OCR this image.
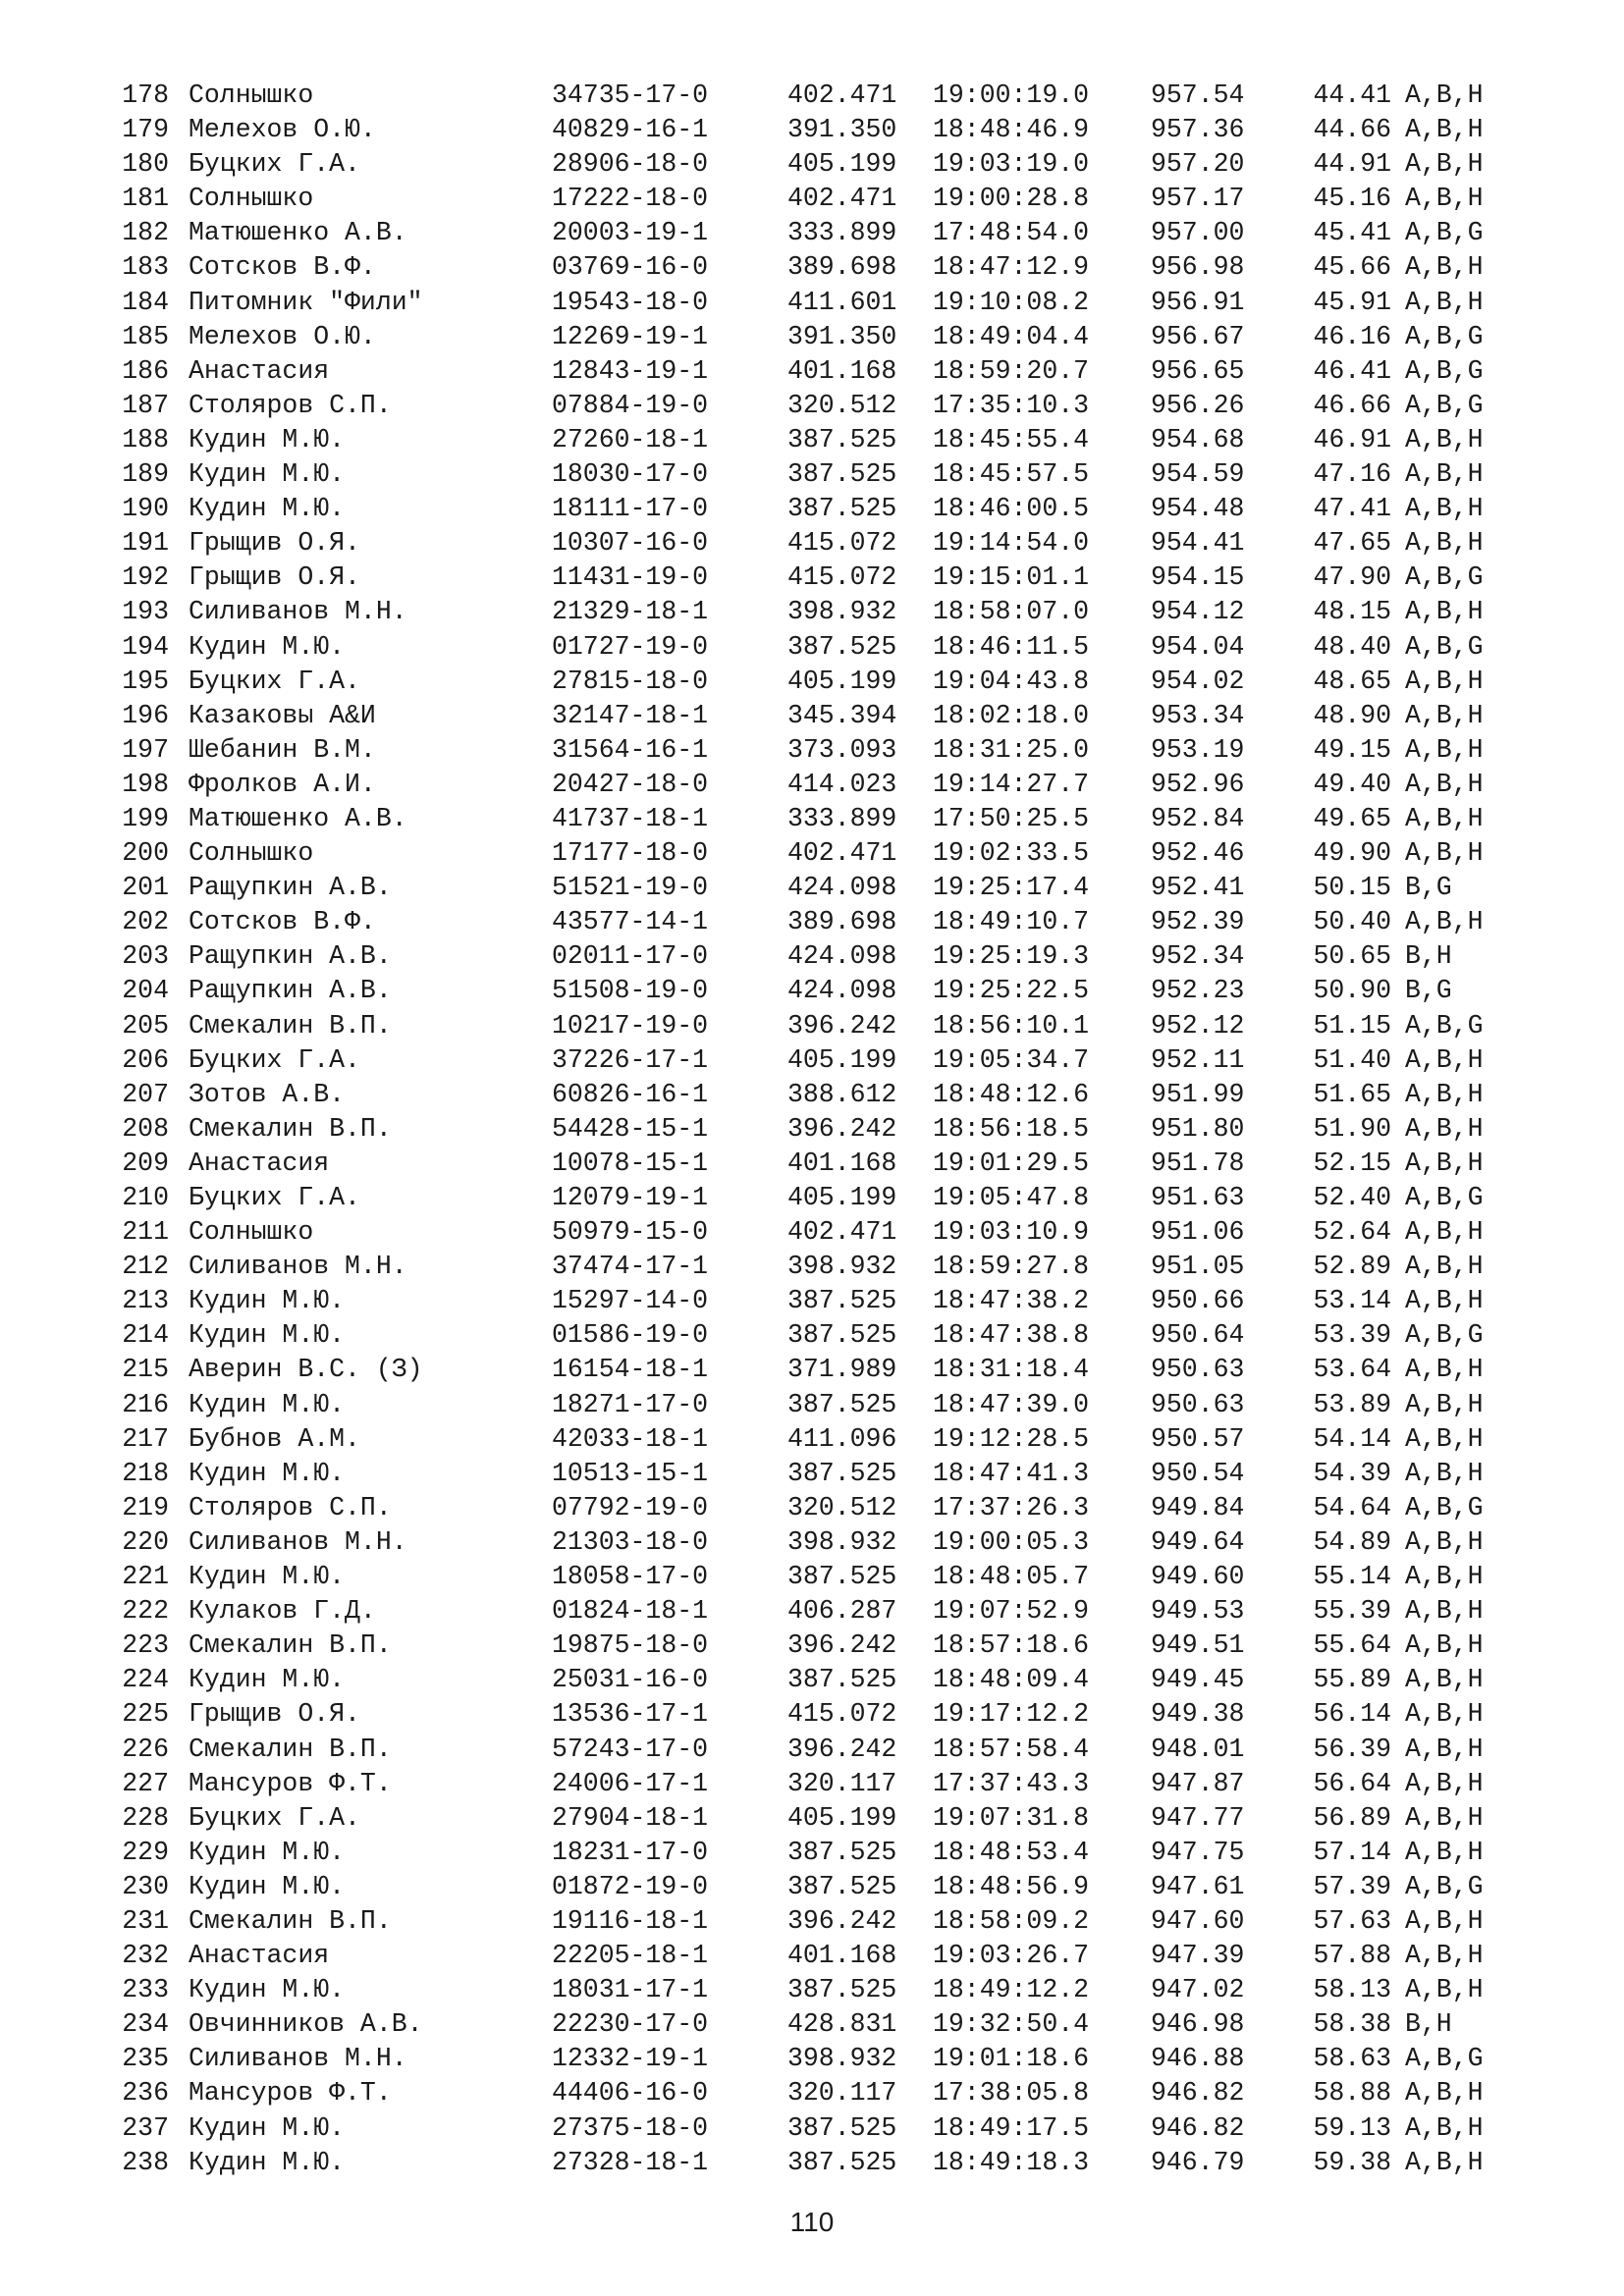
178 Солнышко	34735-17-0	402.471	19:00:19.0	957.54	44.41 A,B,H
179 Мелехов О.Ю.	40829-16-1	391.350	18:48:46.9	957.36	44.66 A,B,H
180 Буцких Г.А.	28906-18-0	405.199	19:03:19.0	957.20	44.91 A,B,H
181 Солнышко	17222-18-0	402.471	19:00:28.8	957.17	45.16 A,B,H
182 Матюшенко А.В.	20003-19-1	333.899	17:48:54.0	957.00	45.41 A,B,G
183 Сотсков В.Ф.	03769-16-0	389.698	18:47:12.9	956.98	45.66 A,B,H
184 Питомник "Фили"	19543-18-0	411.601	19:10:08.2	956.91	45.91 A,B,H
185 Мелехов О.Ю.	12269-19-1	391.350	18:49:04.4	956.67	46.16 A,B,G
186 Анастасия	12843-19-1	401.168	18:59:20.7	956.65	46.41 A,B,G
187 Столяров С.П.	07884-19-0	320.512	17:35:10.3	956.26	46.66 A,B,G
188 Кудин М.Ю.	27260-18-1	387.525	18:45:55.4	954.68	46.91 A,B,H
189 Кудин М.Ю.	18030-17-0	387.525	18:45:57.5	954.59	47.16 A,B,H
190 Кудин М.Ю.	18111-17-0	387.525	18:46:00.5	954.48	47.41 A,B,H
191 Грыщив О.Я.	10307-16-0	415.072	19:14:54.0	954.41	47.65 A,B,H
192 Грыщив О.Я.	11431-19-0	415.072	19:15:01.1	954.15	47.90 A,B,G
193 Силиванов М.Н.	21329-18-1	398.932	18:58:07.0	954.12	48.15 A,B,H
194 Кудин М.Ю.	01727-19-0	387.525	18:46:11.5	954.04	48.40 A,B,G
195 Буцких Г.А.	27815-18-0	405.199	19:04:43.8	954.02	48.65 A,B,H
196 Казаковы А&И	32147-18-1	345.394	18:02:18.0	953.34	48.90 A,B,H
197 Шебанин В.М.	31564-16-1	373.093	18:31:25.0	953.19	49.15 A,B,H
198 Фролков А.И.	20427-18-0	414.023	19:14:27.7	952.96	49.40 A,B,H
199 Матюшенко А.В.	41737-18-1	333.899	17:50:25.5	952.84	49.65 A,B,H
200 Солнышко	17177-18-0	402.471	19:02:33.5	952.46	49.90 A,B,H
201 Ращупкин А.В.	51521-19-0	424.098	19:25:17.4	952.41	50.15 B,G
202 Сотсков В.Ф.	43577-14-1	389.698	18:49:10.7	952.39	50.40 A,B,H
203 Ращупкин А.В.	02011-17-0	424.098	19:25:19.3	952.34	50.65 B,H
204 Ращупкин А.В.	51508-19-0	424.098	19:25:22.5	952.23	50.90 B,G
205 Смекалин В.П.	10217-19-0	396.242	18:56:10.1	952.12	51.15 A,B,G
206 Буцких Г.А.	37226-17-1	405.199	19:05:34.7	952.11	51.40 A,B,H
207 Зотов А.В.	60826-16-1	388.612	18:48:12.6	951.99	51.65 A,B,H
208 Смекалин В.П.	54428-15-1	396.242	18:56:18.5	951.80	51.90 A,B,H
209 Анастасия	10078-15-1	401.168	19:01:29.5	951.78	52.15 A,B,H
210 Буцких Г.А.	12079-19-1	405.199	19:05:47.8	951.63	52.40 A,B,G
211 Солнышко	50979-15-0	402.471	19:03:10.9	951.06	52.64 A,B,H
212 Силиванов М.Н.	37474-17-1	398.932	18:59:27.8	951.05	52.89 A,B,H
213 Кудин М.Ю.	15297-14-0	387.525	18:47:38.2	950.66	53.14 A,B,H
214 Кудин М.Ю.	01586-19-0	387.525	18:47:38.8	950.64	53.39 A,B,G
215 Аверин В.С. (З)	16154-18-1	371.989	18:31:18.4	950.63	53.64 A,B,H
216 Кудин М.Ю.	18271-17-0	387.525	18:47:39.0	950.63	53.89 A,B,H
217 Бубнов А.М.	42033-18-1	411.096	19:12:28.5	950.57	54.14 A,B,H
218 Кудин М.Ю.	10513-15-1	387.525	18:47:41.3	950.54	54.39 A,B,H
219 Столяров С.П.	07792-19-0	320.512	17:37:26.3	949.84	54.64 A,B,G
220 Силиванов М.Н.	21303-18-0	398.932	19:00:05.3	949.64	54.89 A,B,H
221 Кудин М.Ю.	18058-17-0	387.525	18:48:05.7	949.60	55.14 A,B,H
222 Кулаков Г.Д.	01824-18-1	406.287	19:07:52.9	949.53	55.39 A,B,H
223 Смекалин В.П.	19875-18-0	396.242	18:57:18.6	949.51	55.64 A,B,H
224 Кудин М.Ю.	25031-16-0	387.525	18:48:09.4	949.45	55.89 A,B,H
225 Грыщив О.Я.	13536-17-1	415.072	19:17:12.2	949.38	56.14 A,B,H
226 Смекалин В.П.	57243-17-0	396.242	18:57:58.4	948.01	56.39 A,B,H
227 Мансуров Ф.Т.	24006-17-1	320.117	17:37:43.3	947.87	56.64 A,B,H
228 Буцких Г.А.	27904-18-1	405.199	19:07:31.8	947.77	56.89 A,B,H
229 Кудин М.Ю.	18231-17-0	387.525	18:48:53.4	947.75	57.14 A,B,H
230 Кудин М.Ю.	01872-19-0	387.525	18:48:56.9	947.61	57.39 A,B,G
231 Смекалин В.П.	19116-18-1	396.242	18:58:09.2	947.60	57.63 A,B,H
232 Анастасия	22205-18-1	401.168	19:03:26.7	947.39	57.88 A,B,H
233 Кудин М.Ю.	18031-17-1	387.525	18:49:12.2	947.02	58.13 A,B,H
234 Овчинников А.В.	22230-17-0	428.831	19:32:50.4	946.98	58.38 B,H
235 Силиванов М.Н.	12332-19-1	398.932	19:01:18.6	946.88	58.63 A,B,G
236 Мансуров Ф.Т.	44406-16-0	320.117	17:38:05.8	946.82	58.88 A,B,H
237 Кудин М.Ю.	27375-18-0	387.525	18:49:17.5	946.82	59.13 A,B,H
238 Кудин М.Ю.	27328-18-1	387.525	18:49:18.3	946.79	59.38 A,B,H
110
